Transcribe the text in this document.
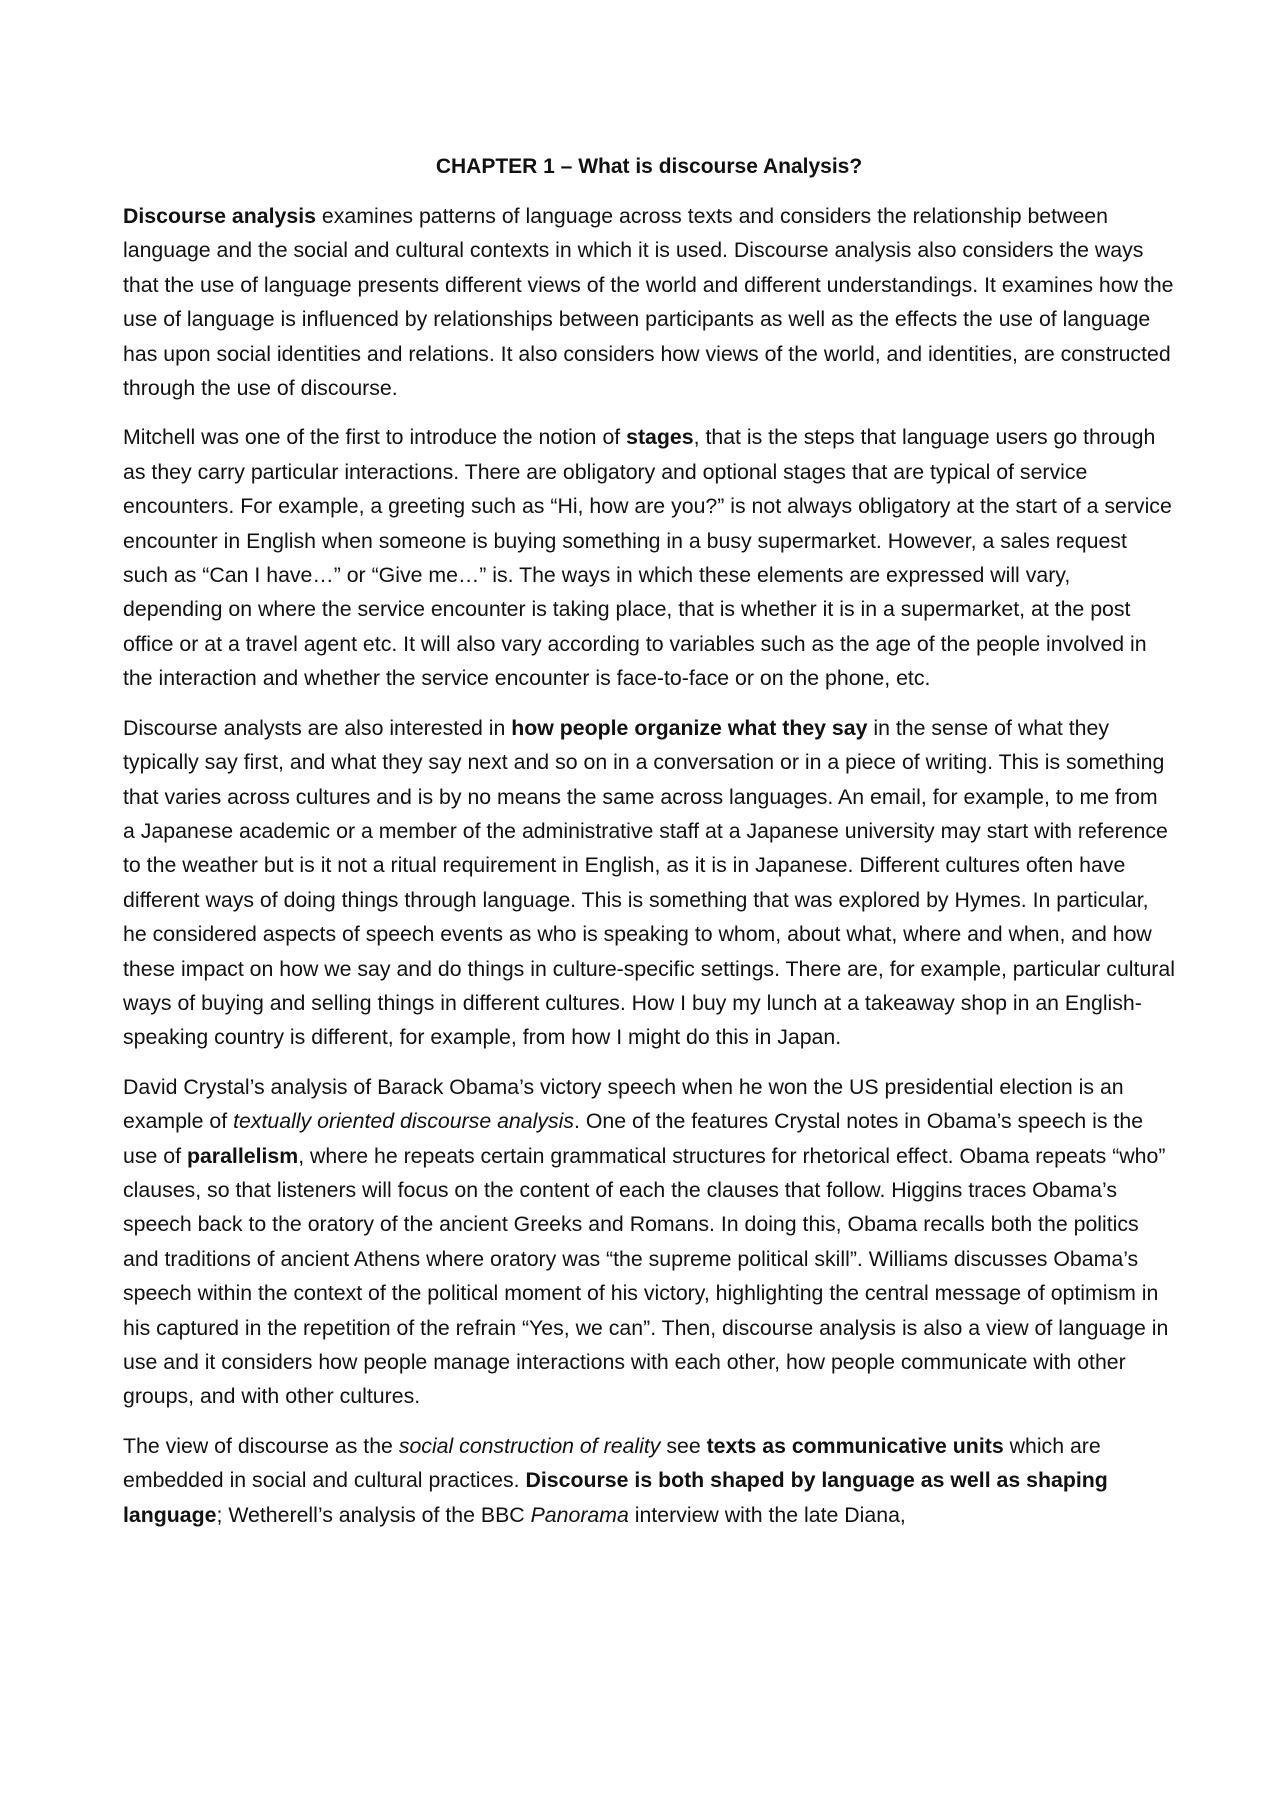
CHAPTER 1 – What is discourse Analysis?

Discourse analysis examines patterns of language across texts and considers the relationship between language and the social and cultural contexts in which it is used. Discourse analysis also considers the ways that the use of language presents different views of the world and different understandings. It examines how the use of language is influenced by relationships between participants as well as the effects the use of language has upon social identities and relations. It also considers how views of the world, and identities, are constructed through the use of discourse.

Mitchell was one of the first to introduce the notion of stages, that is the steps that language users go through as they carry particular interactions. There are obligatory and optional stages that are typical of service encounters. For example, a greeting such as “Hi, how are you?” is not always obligatory at the start of a service encounter in English when someone is buying something in a busy supermarket. However, a sales request such as “Can I have…” or “Give me…” is. The ways in which these elements are expressed will vary, depending on where the service encounter is taking place, that is whether it is in a supermarket, at the post office or at a travel agent etc. It will also vary according to variables such as the age of the people involved in the interaction and whether the service encounter is face-to-face or on the phone, etc.

Discourse analysts are also interested in how people organize what they say in the sense of what they typically say first, and what they say next and so on in a conversation or in a piece of writing. This is something that varies across cultures and is by no means the same across languages. An email, for example, to me from a Japanese academic or a member of the administrative staff at a Japanese university may start with reference to the weather but is it not a ritual requirement in English, as it is in Japanese. Different cultures often have different ways of doing things through language. This is something that was explored by Hymes. In particular, he considered aspects of speech events as who is speaking to whom, about what, where and when, and how these impact on how we say and do things in culture-specific settings. There are, for example, particular cultural ways of buying and selling things in different cultures. How I buy my lunch at a takeaway shop in an English-speaking country is different, for example, from how I might do this in Japan.

David Crystal’s analysis of Barack Obama’s victory speech when he won the US presidential election is an example of textually oriented discourse analysis. One of the features Crystal notes in Obama’s speech is the use of parallelism, where he repeats certain grammatical structures for rhetorical effect. Obama repeats “who” clauses, so that listeners will focus on the content of each the clauses that follow. Higgins traces Obama’s speech back to the oratory of the ancient Greeks and Romans. In doing this, Obama recalls both the politics and traditions of ancient Athens where oratory was “the supreme political skill”. Williams discusses Obama’s speech within the context of the political moment of his victory, highlighting the central message of optimism in his captured in the repetition of the refrain “Yes, we can”. Then, discourse analysis is also a view of language in use and it considers how people manage interactions with each other, how people communicate with other groups, and with other cultures.

The view of discourse as the social construction of reality see texts as communicative units which are embedded in social and cultural practices. Discourse is both shaped by language as well as shaping language; Wetherell’s analysis of the BBC Panorama interview with the late Diana,
